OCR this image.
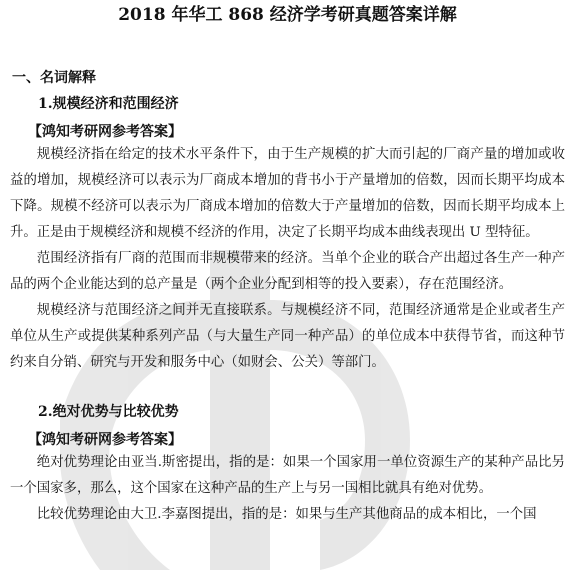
2018 年华工 868 经济学考研真题答案详解
一、名词解释
1.规模经济和范围经济
【鸿知考研网参考答案】
规模经济指在给定的技术水平条件下，由于生产规模的扩大而引起的厂商产量的增加或收益的增加，规模经济可以表示为厂商成本增加的背书小于产量增加的倍数，因而长期平均成本下降。规模不经济可以表示为厂商成本增加的倍数大于产量增加的倍数，因而长期平均成本上升。正是由于规模经济和规模不经济的作用，决定了长期平均成本曲线表现出 U 型特征。
范围经济指有厂商的范围而非规模带来的经济。当单个企业的联合产出超过各生产一种产品的两个企业能达到的总产量是（两个企业分配到相等的投入要素），存在范围经济。
规模经济与范围经济之间并无直接联系。与规模经济不同，范围经济通常是企业或者生产单位从生产或提供某种系列产品（与大量生产同一种产品）的单位成本中获得节省，而这种节约来自分销、研究与开发和服务中心（如财会、公关）等部门。
2.绝对优势与比较优势
【鸿知考研网参考答案】
绝对优势理论由亚当.斯密提出，指的是：如果一个国家用一单位资源生产的某种产品比另一个国家多，那么，这个国家在这种产品的生产上与另一国相比就具有绝对优势。
比较优势理论由大卫.李嘉图提出，指的是：如果与生产其他商品的成本相比，一个国
